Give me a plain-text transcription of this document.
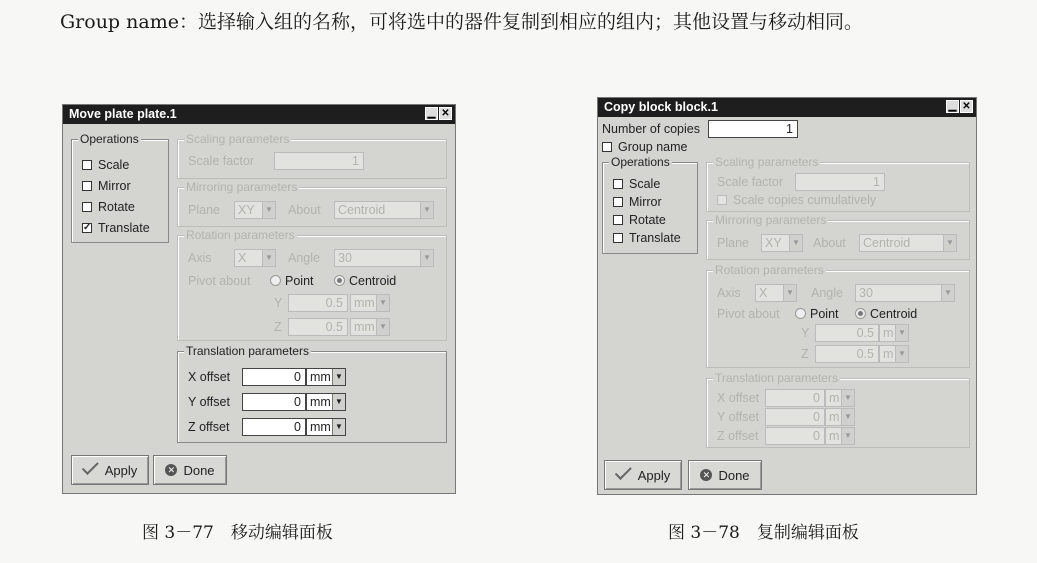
Group name：选择输入组的名称，可将选中的器件复制到相应的组内；其他设置与移动相同。
Move plate plate.1	▁ ✕
Operations
Scale
Mirror
Rotate
✓ Translate
Scaling parameters
Scale factor	1
Mirroring parameters
Plane	XY	▼ About	Centroid	▼
Rotation parameters
Axis	X	▼ Angle	30	▼
Pivot about	Point	Centroid
Y	0.5 mm ▼
Z	0.5 mm ▼
Translation parameters
X offset	0 mm ▼
Y offset	0 mm ▼
Z offset	0 mm ▼
Apply	✕ Done
图 3－77　移动编辑面板
Copy block block.1	▁ ✕
Number of copies	1
Group name
Operations
Scale
Mirror
Rotate
Translate
Scaling parameters
Scale factor	1
Scale copies cumulatively
Mirroring parameters
Plane	XY	▼ About	Centroid	▼
Rotation parameters
Axis	X	▼ Angle	30	▼
Pivot about	Point	Centroid
Y	0.5 m ▼
Z	0.5 m ▼
Translation parameters
X offset	0 m ▼
Y offset	0 m ▼
Z offset	0 m ▼
Apply	✕ Done
图 3－78　复制编辑面板
